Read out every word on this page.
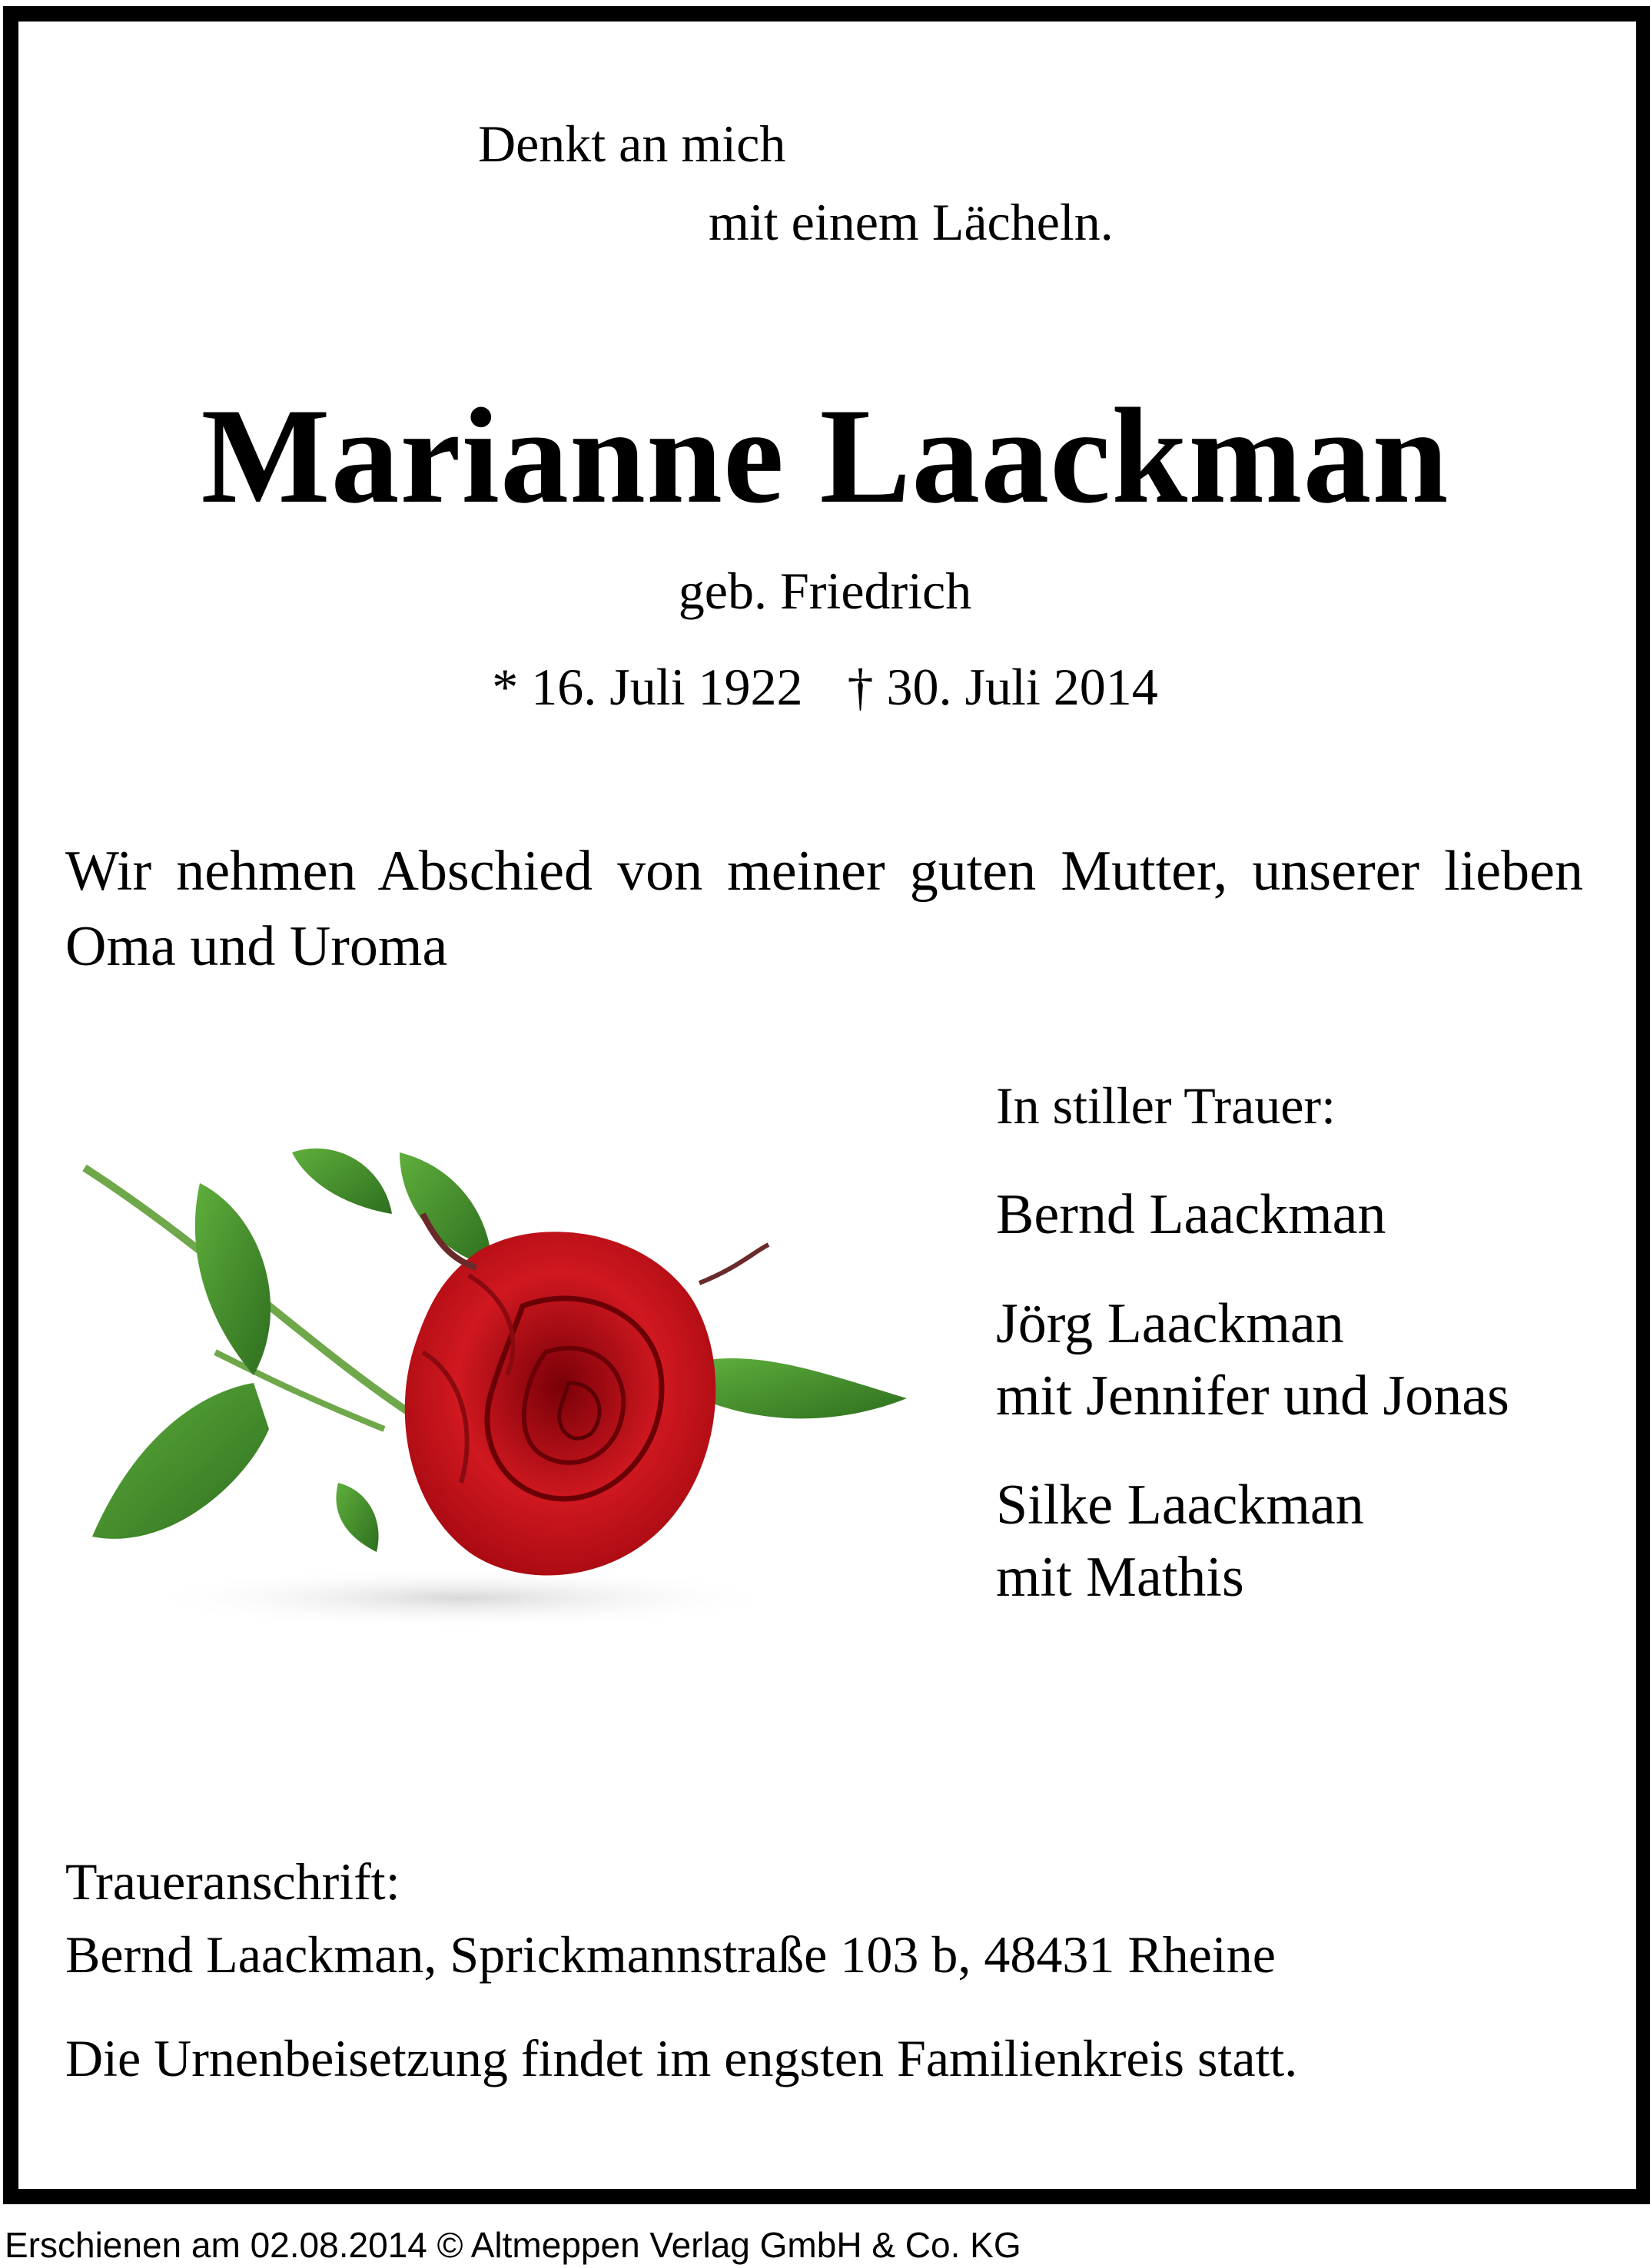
Denkt an mich
mit einem Lächeln.
Marianne Laackman
geb. Friedrich
* 16. Juli 1922 † 30. Juli 2014
Wir nehmen Abschied von meiner guten Mutter, unserer lieben Oma und Uroma
In stiller Trauer:
Bernd Laackman
Jörg Laackman
mit Jennifer und Jonas
Silke Laackman
mit Mathis
Traueranschrift:
Bernd Laackman, Sprickmannstraße 103 b, 48431 Rheine
Die Urnenbeisetzung findet im engsten Familienkreis statt.
Erschienen am 02.08.2014 © Altmeppen Verlag GmbH & Co. KG
